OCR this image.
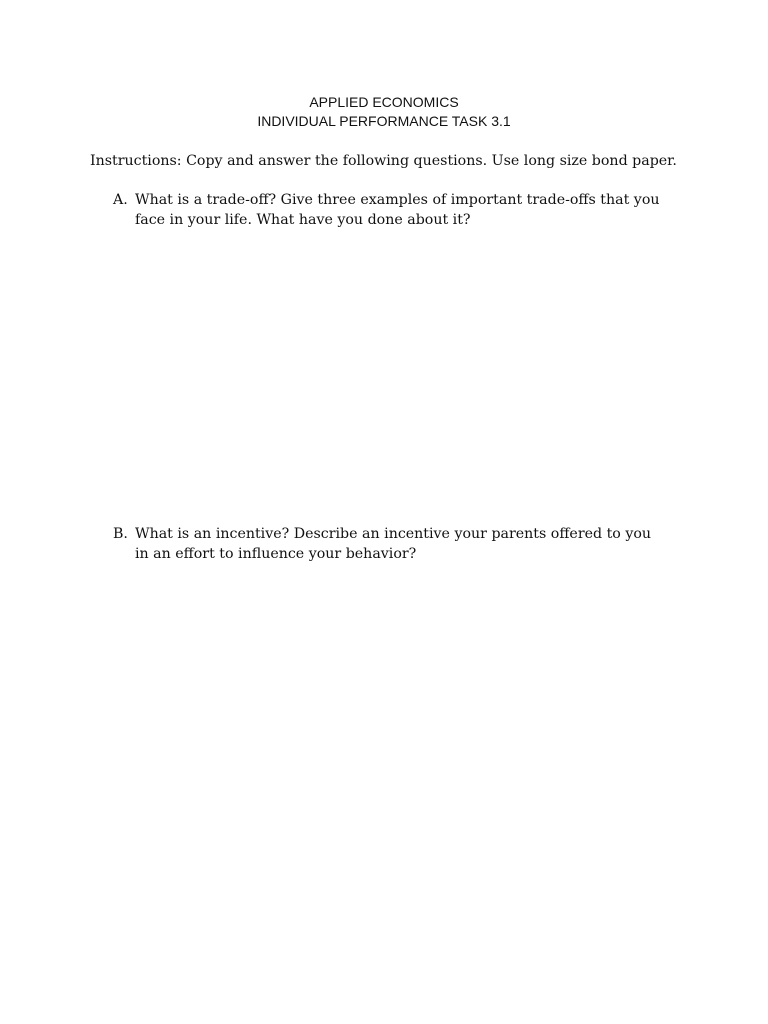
APPLIED ECONOMICS
INDIVIDUAL PERFORMANCE TASK 3.1
Instructions: Copy and answer the following questions. Use long size bond paper.
A. What is a trade-off? Give three examples of important trade-offs that you
face in your life. What have you done about it?
B. What is an incentive? Describe an incentive your parents offered to you
in an effort to influence your behavior?
